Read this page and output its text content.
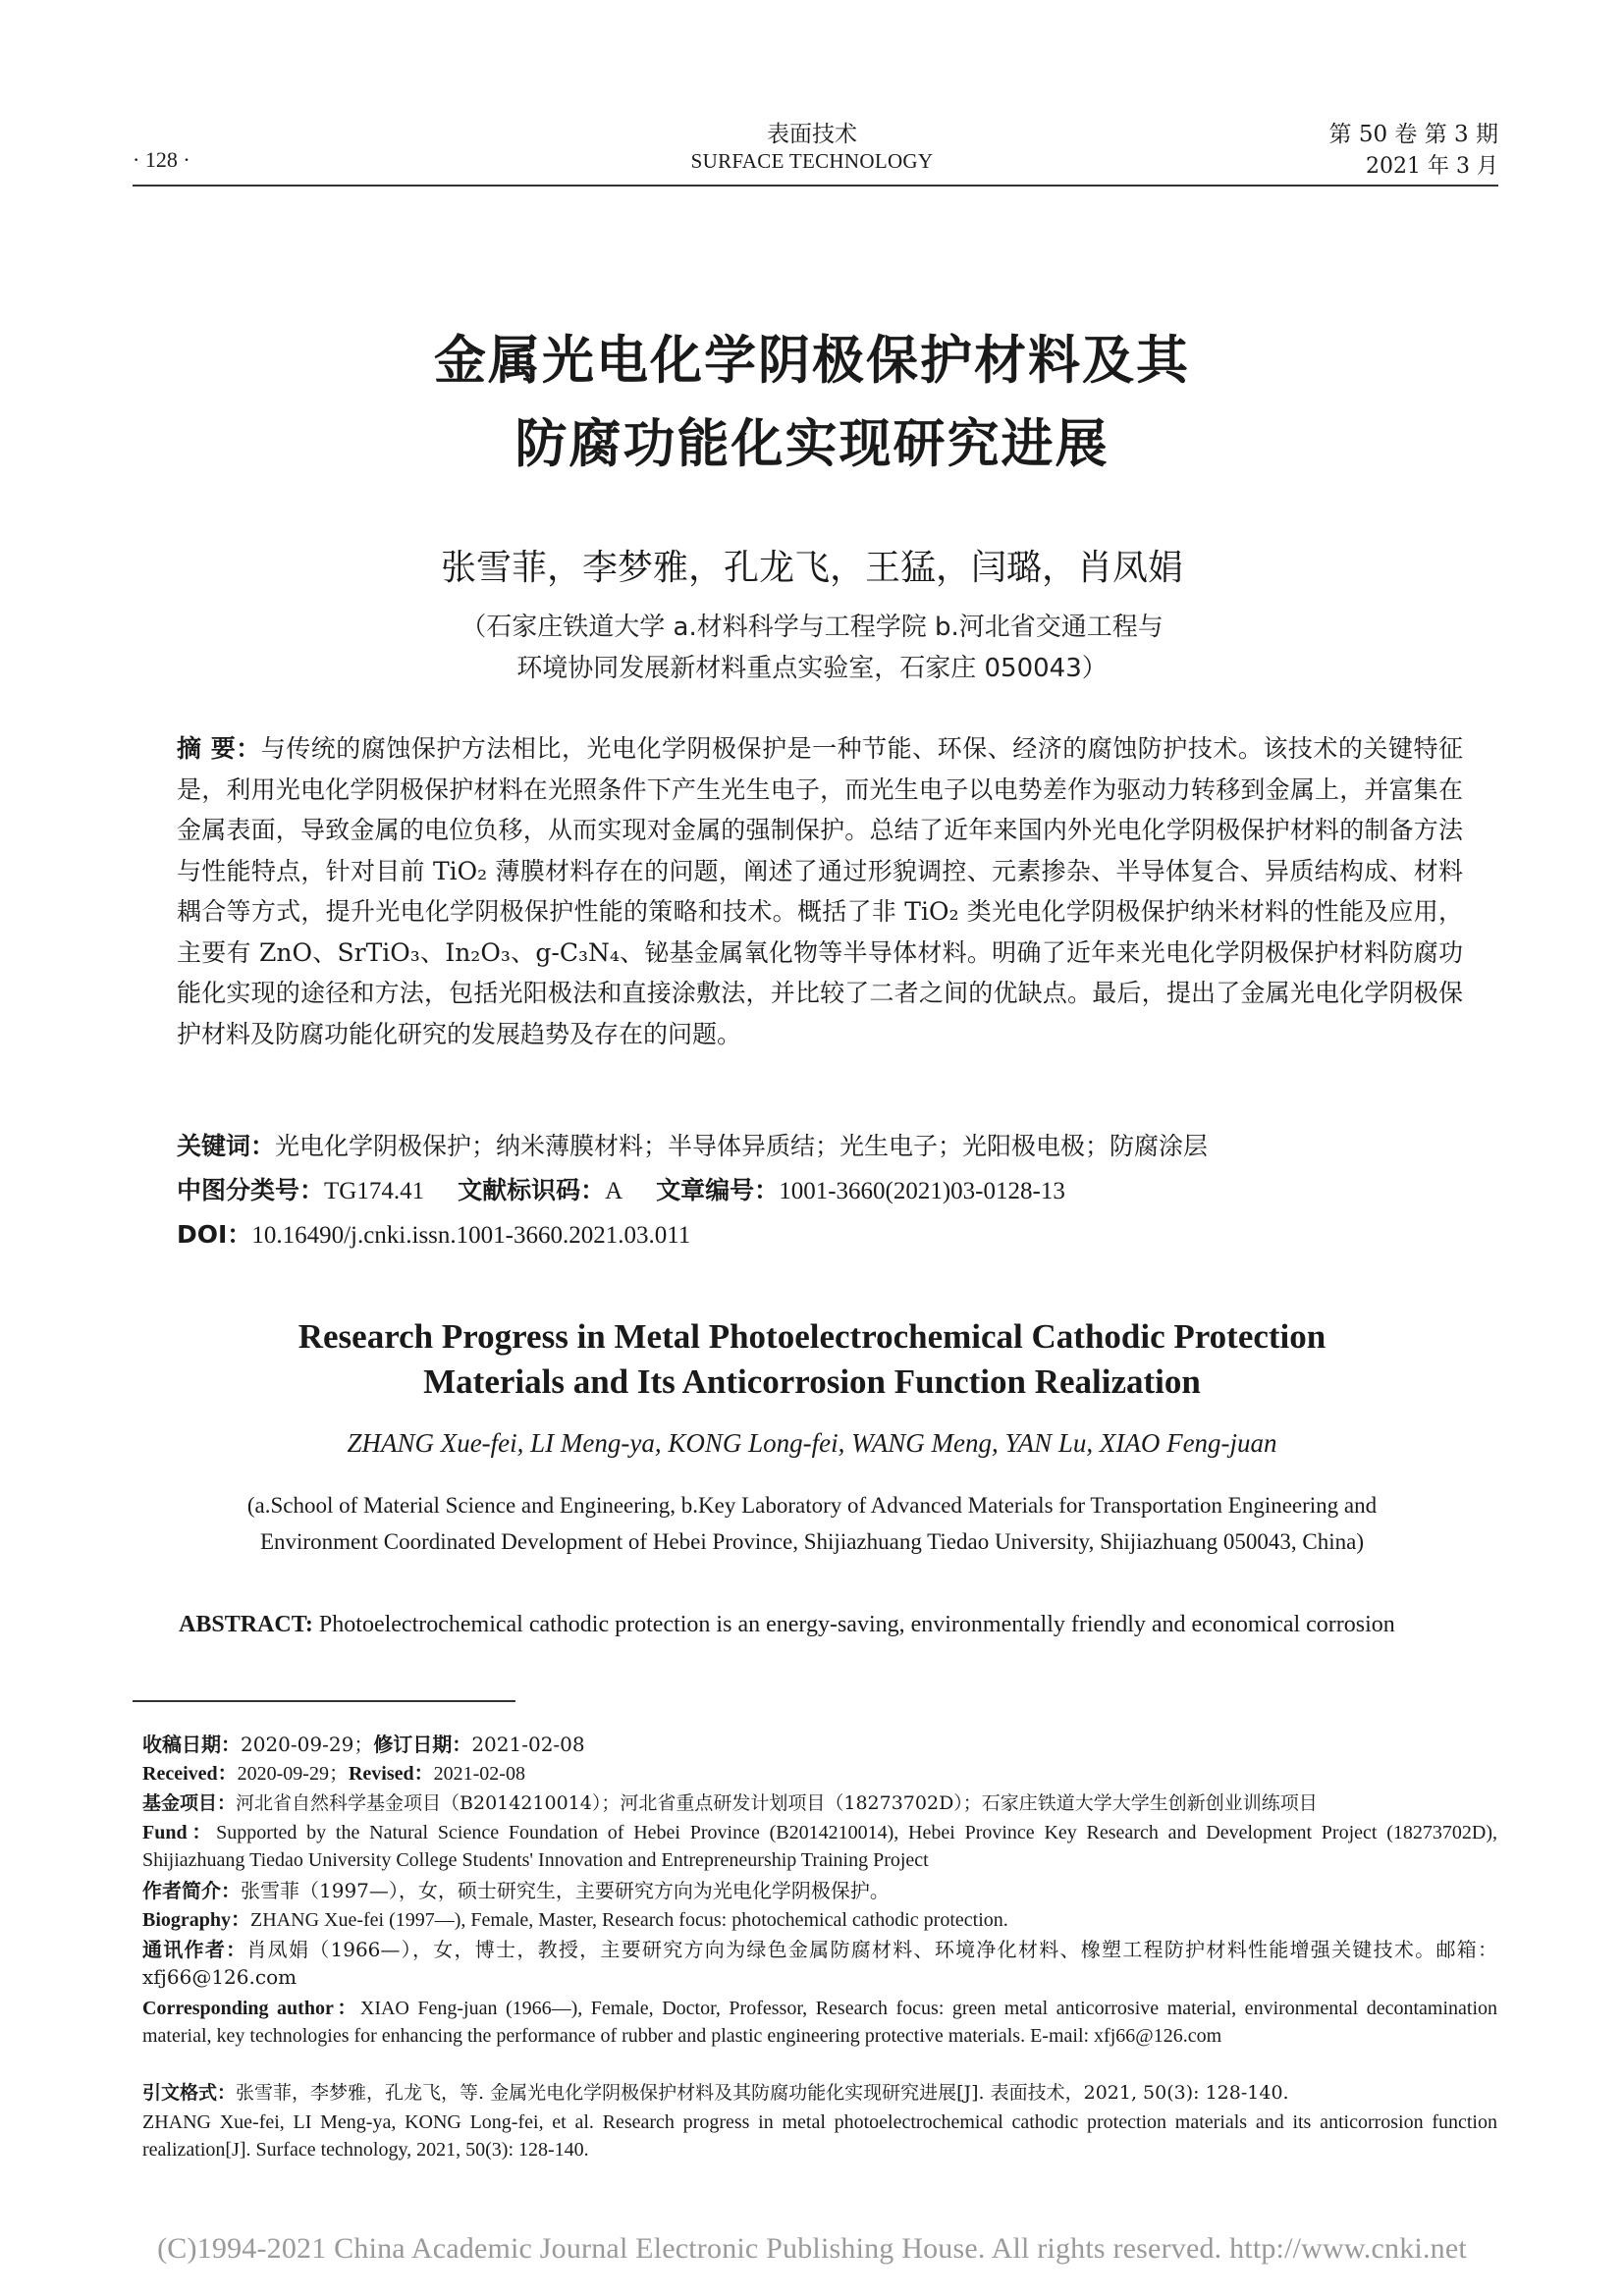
· 128 ·
表面技术
SURFACE TECHNOLOGY
第 50 卷 第 3 期
2021 年 3 月
金属光电化学阴极保护材料及其
防腐功能化实现研究进展
张雪菲，李梦雅，孔龙飞，王猛，闫璐，肖凤娟
（石家庄铁道大学 a.材料科学与工程学院 b.河北省交通工程与
环境协同发展新材料重点实验室，石家庄 050043）
摘 要：与传统的腐蚀保护方法相比，光电化学阴极保护是一种节能、环保、经济的腐蚀防护技术。该技术的关键特征是，利用光电化学阴极保护材料在光照条件下产生光生电子，而光生电子以电势差作为驱动力转移到金属上，并富集在金属表面，导致金属的电位负移，从而实现对金属的强制保护。总结了近年来国内外光电化学阴极保护材料的制备方法与性能特点，针对目前 TiO₂ 薄膜材料存在的问题，阐述了通过形貌调控、元素掺杂、半导体复合、异质结构成、材料耦合等方式，提升光电化学阴极保护性能的策略和技术。概括了非 TiO₂ 类光电化学阴极保护纳米材料的性能及应用，主要有 ZnO、SrTiO₃、In₂O₃、g-C₃N₄、铋基金属氧化物等半导体材料。明确了近年来光电化学阴极保护材料防腐功能化实现的途径和方法，包括光阳极法和直接涂敷法，并比较了二者之间的优缺点。最后，提出了金属光电化学阴极保护材料及防腐功能化研究的发展趋势及存在的问题。
关键词：光电化学阴极保护；纳米薄膜材料；半导体异质结；光生电子；光阳极电极；防腐涂层
中图分类号：TG174.41 文献标识码：A 文章编号：1001-3660(2021)03-0128-13
DOI：10.16490/j.cnki.issn.1001-3660.2021.03.011
Research Progress in Metal Photoelectrochemical Cathodic Protection
Materials and Its Anticorrosion Function Realization
ZHANG Xue-fei, LI Meng-ya, KONG Long-fei, WANG Meng, YAN Lu, XIAO Feng-juan
(a.School of Material Science and Engineering, b.Key Laboratory of Advanced Materials for Transportation Engineering and
Environment Coordinated Development of Hebei Province, Shijiazhuang Tiedao University, Shijiazhuang 050043, China)
ABSTRACT: Photoelectrochemical cathodic protection is an energy-saving, environmentally friendly and economical corrosion
收稿日期：2020-09-29；修订日期：2021-02-08
Received：2020-09-29；Revised：2021-02-08
基金项目：河北省自然科学基金项目（B2014210014）；河北省重点研发计划项目（18273702D）；石家庄铁道大学大学生创新创业训练项目
Fund：Supported by the Natural Science Foundation of Hebei Province (B2014210014), Hebei Province Key Research and Development Project (18273702D), Shijiazhuang Tiedao University College Students' Innovation and Entrepreneurship Training Project
作者简介：张雪菲（1997—），女，硕士研究生，主要研究方向为光电化学阴极保护。
Biography：ZHANG Xue-fei (1997—), Female, Master, Research focus: photochemical cathodic protection.
通讯作者：肖凤娟（1966—），女，博士，教授，主要研究方向为绿色金属防腐材料、环境净化材料、橡塑工程防护材料性能增强关键技术。邮箱：xfj66@126.com
Corresponding author：XIAO Feng-juan (1966—), Female, Doctor, Professor, Research focus: green metal anticorrosive material, environmental decontamination material, key technologies for enhancing the performance of rubber and plastic engineering protective materials. E-mail: xfj66@126.com
引文格式：张雪菲，李梦雅，孔龙飞，等. 金属光电化学阴极保护材料及其防腐功能化实现研究进展[J]. 表面技术，2021, 50(3): 128-140.
ZHANG Xue-fei, LI Meng-ya, KONG Long-fei, et al. Research progress in metal photoelectrochemical cathodic protection materials and its anticorrosion function realization[J]. Surface technology, 2021, 50(3): 128-140.
(C)1994-2021 China Academic Journal Electronic Publishing House. All rights reserved. http://www.cnki.net
